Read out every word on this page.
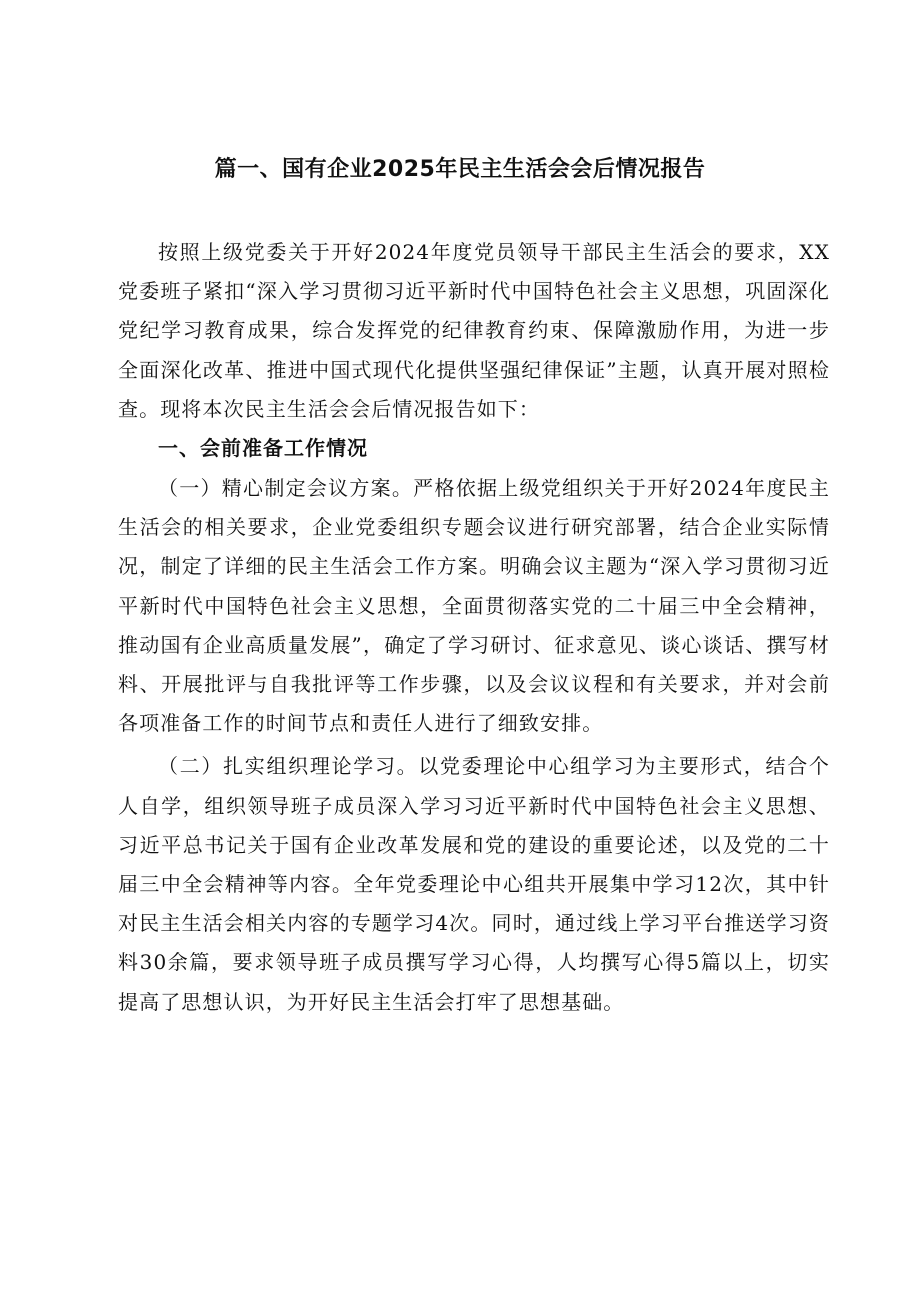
篇一、国有企业2025年民主生活会会后情况报告

按照上级党委关于开好2024年度党员领导干部民主生活会的要求，XX党委班子紧扣“深入学习贯彻习近平新时代中国特色社会主义思想，巩固深化党纪学习教育成果，综合发挥党的纪律教育约束、保障激励作用，为进一步全面深化改革、推进中国式现代化提供坚强纪律保证”主题，认真开展对照检查。现将本次民主生活会会后情况报告如下：

一、会前准备工作情况

（一）精心制定会议方案。严格依据上级党组织关于开好2024年度民主生活会的相关要求，企业党委组织专题会议进行研究部署，结合企业实际情况，制定了详细的民主生活会工作方案。明确会议主题为“深入学习贯彻习近平新时代中国特色社会主义思想，全面贯彻落实党的二十届三中全会精神，推动国有企业高质量发展”，确定了学习研讨、征求意见、谈心谈话、撰写材料、开展批评与自我批评等工作步骤，以及会议议程和有关要求，并对会前各项准备工作的时间节点和责任人进行了细致安排。

（二）扎实组织理论学习。以党委理论中心组学习为主要形式，结合个人自学，组织领导班子成员深入学习习近平新时代中国特色社会主义思想、习近平总书记关于国有企业改革发展和党的建设的重要论述，以及党的二十届三中全会精神等内容。全年党委理论中心组共开展集中学习12次，其中针对民主生活会相关内容的专题学习4次。同时，通过线上学习平台推送学习资料30余篇，要求领导班子成员撰写学习心得，人均撰写心得5篇以上，切实提高了思想认识，为开好民主生活会打牢了思想基础。
